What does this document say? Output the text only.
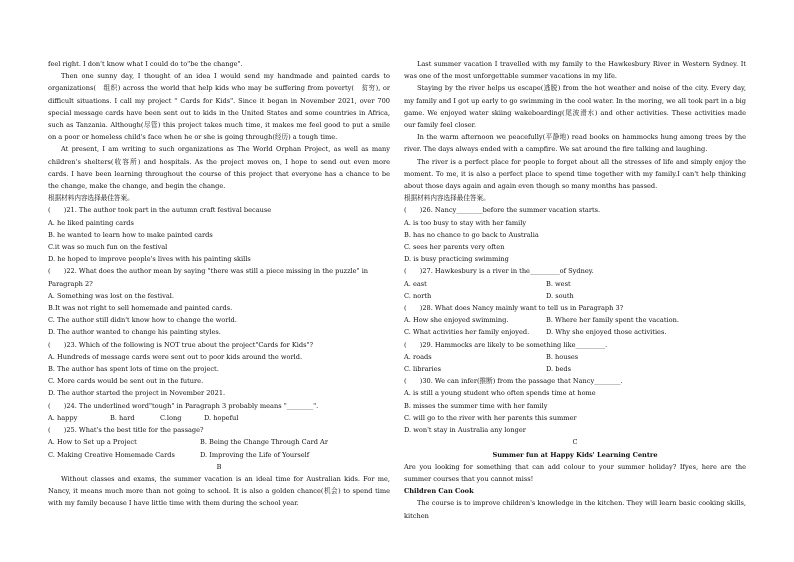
feel right. I don't know what I could do to"be the change".

Then one sunny day, I thought of an idea I would send my handmade and painted cards to organizations(　组织) across the world that help kids who may be suffering from poverty(　贫穷), or difficult situations. I call my project " Cards for Kids". Since it began in November 2021, over 700 special message cards have been sent out to kids in the United States and some countries in Africa, such as Tanzania. Although(尽管) this project takes much time, it makes me feel good to put a smile on a poor or homeless child's face when he or she is going through(经历) a tough time.

At present, I am writing to such organizations as The World Orphan Project, as well as many children's shelters(收容所) and hospitals. As the project moves on, I hope to send out even more cards. I have been learning throughout the course of this project that everyone has a chance to be the change, make the change, and begin the change.

根据材料内容选择最佳答案。

(　　)21. The author took part in the autumn craft festival because

A. he liked painting cards

B. he wanted to learn how to make painted cards

C.it was so much fun on the festival

D. he hoped to improve people's lives with his painting skills

(　　)22. What does the author mean by saying "there was still a piece missing in the puzzle" in

Paragraph 2?

A. Something was lost on the festival.

B.It was not right to sell homemade and painted cards.

C. The author still didn't know how to change the world.

D. The author wanted to change his painting styles.

(　　)23. Which of the following is NOT true about the project"Cards for Kids"?

A. Hundreds of message cards were sent out to poor kids around the world.

B. The author has spent lots of time on the project.

C. More cards would be sent out in the future.

D. The author started the project in November 2021.

(　　)24. The underlined word"tough" in Paragraph 3 probably means "________".

A. happy	B. hard	C.long	D. hopeful

(　　)25. What's the best title for the passage?

A. How to Set up a Project	B. Being the Change Through Card Ar
C. Making Creative Homemade Cards	D. Improving the Life of Yourself

B

Without classes and exams, the summer vacation is an ideal time for Australian kids. For me, Nancy, it means much more than not going to school. It is also a golden chance(机会) to spend time with my family because I have little time with them during the school year.

Last summer vacation I travelled with my family to the Hawkesbury River in Western Sydney. It was one of the most unforgettable summer vacations in my life.

Staying by the river helps us escape(逃脱) from the hot weather and noise of the city. Every day, my family and I got up early to go swimming in the cool water. In the moring, we all took part in a big game. We enjoyed water skiing wakeboarding(尾波滑水) and other activities. These activities made our family feel closer.

In the warm afternoon we peacefully(平静地) read books on hammocks hung among trees by the river. The days always ended with a campfire. We sat around the fire talking and laughing.

The river is a perfect place for people to forget about all the stresses of life and simply enjoy the moment. To me, it is also a perfect place to spend time together with my family.I can't help thinking about those days again and again even though so many months has passed.

根据材料内容选择最佳答案。

(　　)26. Nancy________before the summer vacation starts.

A. is too busy to stay with her family

B. has no chance to go back to Australia

C. sees her parents very often

D. is busy practicing swimming

(　　)27. Hawkesbury is a river in the_________of Sydney.

A. east	B. west
C. north	D. south

(　　)28. What does Nancy mainly want to tell us in Paragraph 3?

A. How she enjoyed swimming.	B. Where her family spent the vacation.
C. What activities her family enjoyed.	D. Why she enjoyed those activities.

(　　)29. Hammocks are likely to be something like_________.

A. roads	B. houses
C. libraries	D. beds

(　　)30. We can infer(推断) from the passage that Nancy________.

A. is still a young student who often spends time at home

B. misses the summer time with her family

C. will go to the river with her parents this summer

D. won't stay in Australia any longer

C

Summer fun at Happy Kids' Learning Centre

Are you looking for something that can add colour to your summer holiday? Ifyes, here are the summer courses that you cannot miss!

Children Can Cook

The course is to improve children's knowledge in the kitchen. They will learn basic cooking skills, kitchen
